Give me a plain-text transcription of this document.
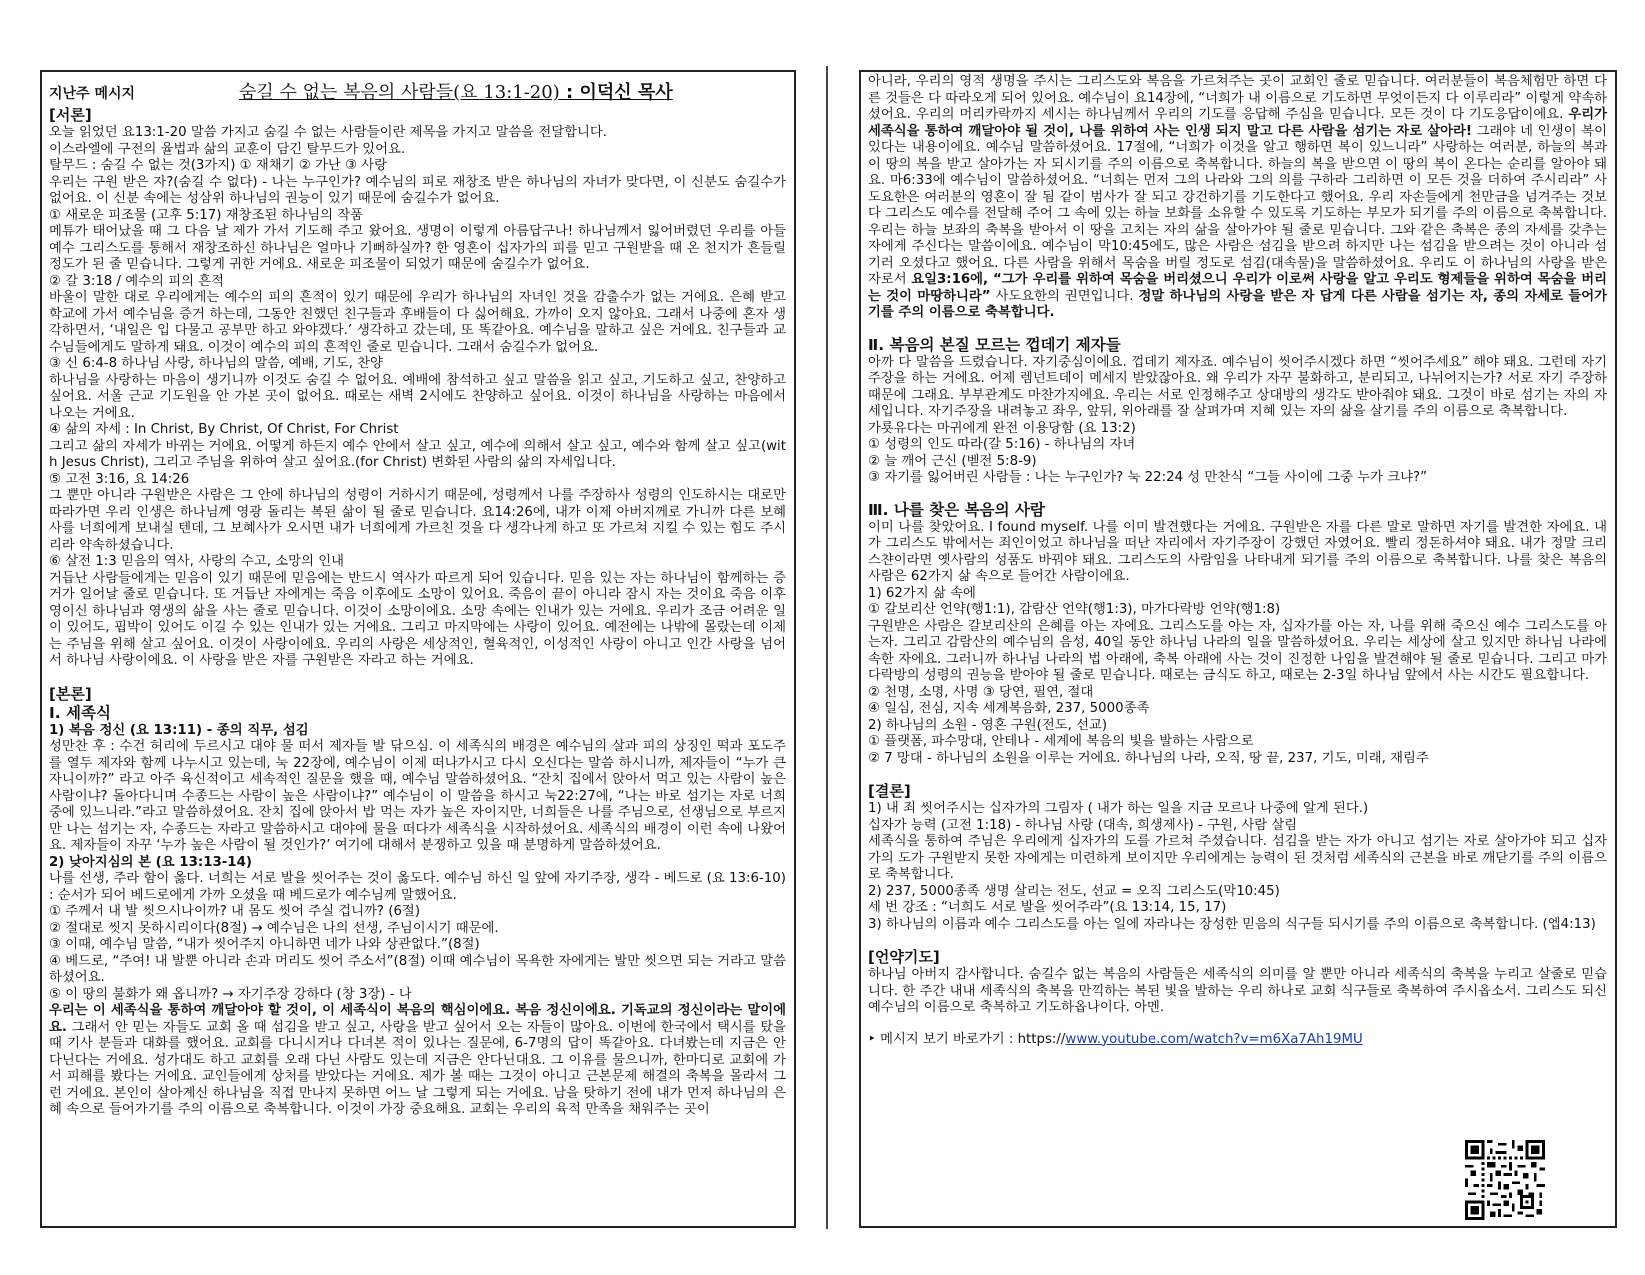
지난주 메시지	숨길 수 없는 복음의 사람들(요 13:1-20) : 이덕신 목사

[서론]

오늘 읽었던 요13:1-20 말씀 가지고 숨길 수 없는 사람들이란 제목을 가지고 말씀을 전달합니다.

이스라엘에 구전의 율법과 삶의 교훈이 담긴 탈무드가 있어요.

탈무드 : 숨길 수 없는 것(3가지) ① 재채기 ② 가난 ③ 사랑

우리는 구원 받은 자?(숨길 수 없다) - 나는 누구인가? 예수님의 피로 재창조 받은 하나님의 자녀가 맞다면, 이 신분도 숨길수가 없어요. 이 신분 속에는 성삼위 하나님의 권능이 있기 때문에 숨길수가 없어요.

① 새로운 피조물 (고후 5:17) 재창조된 하나님의 작품

메튜가 태어났을 때 그 다음 날 제가 가서 기도해 주고 왔어요. 생명이 이렇게 아름답구나! 하나님께서 잃어버렸던 우리를 아들 예수 그리스도를 통해서 재창조하신 하나님은 얼마나 기뻐하실까? 한 영혼이 십자가의 피를 믿고 구원받을 때 온 천지가 흔들릴 정도가 된 줄 믿습니다. 그렇게 귀한 거에요. 새로운 피조물이 되었기 때문에 숨길수가 없어요.

② 갈 3:18 / 예수의 피의 흔적

바울이 말한 대로 우리에게는 예수의 피의 흔적이 있기 때문에 우리가 하나님의 자녀인 것을 감출수가 없는 거에요. 은혜 받고 학교에 가서 예수님을 증거 하는데, 그동안 친했던 친구들과 후배들이 다 싫어해요. 가까이 오지 않아요. 그래서 나중에 혼자 생각하면서, ‘내일은 입 다물고 공부만 하고 와야겠다.’ 생각하고 갔는데, 또 똑같아요. 예수님을 말하고 싶은 거에요. 친구들과 교수님들에게도 말하게 돼요. 이것이 예수의 피의 흔적인 줄로 믿습니다. 그래서 숨길수가 없어요.

③ 신 6:4-8 하나님 사랑, 하나님의 말씀, 예배, 기도, 찬양

하나님을 사랑하는 마음이 생기니까 이것도 숨길 수 없어요. 예배에 참석하고 싶고 말씀을 읽고 싶고, 기도하고 싶고, 찬양하고 싶어요. 서울 근교 기도원을 안 가본 곳이 없어요. 때로는 새벽 2시에도 찬양하고 싶어요. 이것이 하나님을 사랑하는 마음에서 나오는 거에요.

④ 삶의 자세 : In Christ, By Christ, Of Christ, For Christ

그리고 삶의 자세가 바뀌는 거에요. 어떻게 하든지 예수 안에서 살고 싶고, 예수에 의해서 살고 싶고, 예수와 함께 살고 싶고(with Jesus Christ), 그리고 주님을 위하여 살고 싶어요.(for Christ) 변화된 사람의 삶의 자세입니다.

⑤ 고전 3:16, 요 14:26

그 뿐만 아니라 구원받은 사람은 그 안에 하나님의 성령이 거하시기 때문에, 성령께서 나를 주장하사 성령의 인도하시는 대로만 따라가면 우리 인생은 하나님께 영광 돌리는 복된 삶이 될 줄로 믿습니다. 요14:26에, 내가 이제 아버지께로 가니까 다른 보혜사를 너희에게 보내실 텐데, 그 보혜사가 오시면 내가 너희에게 가르친 것을 다 생각나게 하고 또 가르쳐 지킬 수 있는 힘도 주시리라 약속하셨습니다.

⑥ 살전 1:3 믿음의 역사, 사랑의 수고, 소망의 인내

거듭난 사람들에게는 믿음이 있기 때문에 믿음에는 반드시 역사가 따르게 되어 있습니다. 믿음 있는 자는 하나님이 함께하는 증거가 일어날 줄로 믿습니다. 또 거듭난 자에게는 죽음 이후에도 소망이 있어요. 죽음이 끝이 아니라 잠시 자는 것이요 죽음 이후 영이신 하나님과 영생의 삶을 사는 줄로 믿습니다. 이것이 소망이에요. 소망 속에는 인내가 있는 거에요. 우리가 조금 어려운 일이 있어도, 핍박이 있어도 이길 수 있는 인내가 있는 거에요. 그리고 마지막에는 사랑이 있어요. 예전에는 나밖에 몰랐는데 이제는 주님을 위해 살고 싶어요. 이것이 사랑이에요. 우리의 사랑은 세상적인, 혈육적인, 이성적인 사랑이 아니고 인간 사랑을 넘어서 하나님 사랑이에요. 이 사랑을 받은 자를 구원받은 자라고 하는 거에요.

[본론]

Ⅰ. 세족식

1) 복음 정신 (요 13:11) - 종의 직무, 섬김

성만찬 후 : 수건 허리에 두르시고 대야 물 떠서 제자들 발 닦으심. 이 세족식의 배경은 예수님의 살과 피의 상징인 떡과 포도주를 열두 제자와 함께 나누시고 있는데, 눅 22장에, 예수님이 이제 떠나가시고 다시 오신다는 말씀 하시니까, 제자들이 “누가 큰 자니이까?” 라고 아주 육신적이고 세속적인 질문을 했을 때, 예수님 말씀하셨어요. “잔치 집에서 앉아서 먹고 있는 사람이 높은 사람이냐? 돌아다니며 수종드는 사람이 높은 사람이냐?” 예수님이 이 말씀을 하시고 눅22:27에, “나는 바로 섬기는 자로 너희 중에 있느니라.”라고 말씀하셨어요. 잔치 집에 앉아서 밥 먹는 자가 높은 자이지만, 너희들은 나를 주님으로, 선생님으로 부르지만 나는 섬기는 자, 수종드는 자라고 말씀하시고 대야에 물을 떠다가 세족식을 시작하셨어요. 세족식의 배경이 이런 속에 나왔어요. 제자들이 자꾸 ‘누가 높은 사람이 될 것인가?’ 여기에 대해서 분쟁하고 있을 때 분명하게 말씀하셨어요.

2) 낮아지심의 본 (요 13:13-14)

나를 선생, 주라 함이 옳다. 너희는 서로 발을 씻어주는 것이 옳도다. 예수님 하신 일 앞에 자기주장, 생각 - 베드로 (요 13:6-10) : 순서가 되어 베드로에게 가까 오셨을 때 베드로가 예수님께 말했어요.

① 주께서 내 발 씻으시나이까? 내 몸도 씻어 주실 겁니까? (6절)

② 절대로 씻지 못하시리이다(8절) → 예수님은 나의 선생, 주님이시기 때문에.

③ 이때, 예수님 말씀, “내가 씻어주지 아니하면 네가 나와 상관없다.”(8절)

④ 베드로, “주여! 내 발뿐 아니라 손과 머리도 씻어 주소서”(8절) 이때 예수님이 목욕한 자에게는 발만 씻으면 되는 거라고 말씀하셨어요.

⑤ 이 땅의 불화가 왜 옵니까? → 자기주장 강하다 (창 3장) - 나

우리는 이 세족식을 통하여 깨달아야 할 것이, 이 세족식이 복음의 핵심이에요. 복음 정신이에요. 기독교의 정신이라는 말이에요. 그래서 안 믿는 자들도 교회 올 때 섬김을 받고 싶고, 사랑을 받고 싶어서 오는 자들이 많아요. 이번에 한국에서 택시를 탔을 때 기사 분들과 대화를 했어요. 교회를 다니시거나 다녀본 적이 있나는 질문에, 6-7명의 답이 똑같아요. 다녀봤는데 지금은 안 다닌다는 거에요. 성가대도 하고 교회를 오래 다닌 사람도 있는데 지금은 안다닌대요. 그 이유를 물으니까, 한마디로 교회에 가서 피해를 봤다는 거에요. 교인들에게 상처를 받았다는 거에요. 제가 볼 때는 그것이 아니고 근본문제 해결의 축복을 몰라서 그런 거에요. 본인이 살아계신 하나님을 직접 만나지 못하면 어느 날 그렇게 되는 거에요. 남을 탓하기 전에 내가 먼저 하나님의 은혜 속으로 들어가기를 주의 이름으로 축복합니다. 이것이 가장 중요해요. 교회는 우리의 육적 만족을 채워주는 곳이

아니라, 우리의 영적 생명을 주시는 그리스도와 복음을 가르쳐주는 곳이 교회인 줄로 믿습니다. 여러분들이 복음체험만 하면 다른 것들은 다 따라오게 되어 있어요. 예수님이 요14장에, “너희가 내 이름으로 기도하면 무엇이든지 다 이루리라” 이렇게 약속하셨어요. 우리의 머리카락까지 세시는 하나님께서 우리의 기도를 응답해 주심을 믿습니다. 모든 것이 다 기도응답이에요. 우리가 세족식을 통하여 깨달아야 될 것이, 나를 위하여 사는 인생 되지 말고 다른 사람을 섬기는 자로 살아라! 그래야 네 인생이 복이 있다는 내용이에요. 예수님 말씀하셨어요. 17절에, “너희가 이것을 알고 행하면 복이 있느니라” 사랑하는 여러분, 하늘의 복과 이 땅의 복을 받고 살아가는 자 되시기를 주의 이름으로 축복합니다. 하늘의 복을 받으면 이 땅의 복이 온다는 순리를 알아야 돼요. 마6:33에 예수님이 말씀하셨어요. “너희는 먼저 그의 나라와 그의 의를 구하라 그리하면 이 모든 것을 더하여 주시리라” 사도요한은 여러분의 영혼이 잘 됨 같이 범사가 잘 되고 강건하기를 기도한다고 했어요. 우리 자손들에게 천만금을 넘겨주는 것보다 그리스도 예수를 전달해 주어 그 속에 있는 하늘 보화를 소유할 수 있도록 기도하는 부모가 되기를 주의 이름으로 축복합니다. 우리는 하늘 보좌의 축복을 받아서 이 땅을 고치는 자의 삶을 살아가야 될 줄로 믿습니다. 그와 같은 축복은 종의 자세를 갖추는 자에게 주신다는 말씀이에요. 예수님이 막10:45에도, 많은 사람은 섬김을 받으려 하지만 나는 섬김을 받으려는 것이 아니라 섬기러 오셨다고 했어요. 다른 사람을 위해서 목숨을 버릴 정도로 섬김(대속물)을 말씀하셨어요. 우리도 이 하나님의 사랑을 받은 자로서 요일3:16에, “그가 우리를 위하여 목숨을 버리셨으니 우리가 이로써 사랑을 알고 우리도 형제들을 위하여 목숨을 버리는 것이 마땅하니라” 사도요한의 권면입니다. 정말 하나님의 사랑을 받은 자 답게 다른 사람을 섬기는 자, 종의 자세로 들어가기를 주의 이름으로 축복합니다.

Ⅱ. 복음의 본질 모르는 껍데기 제자들

아까 다 말씀을 드렸습니다. 자기중심이에요. 껍데기 제자죠. 예수님이 씻어주시겠다 하면 “씻어주세요” 해야 돼요. 그런데 자기주장을 하는 거에요. 어제 렘넌트데이 메세지 받았잖아요. 왜 우리가 자꾸 불화하고, 분리되고, 나뉘어지는가? 서로 자기 주장하 때문에 그래요. 부부관계도 마찬가지에요. 우리는 서로 인정해주고 상대방의 생각도 받아줘야 돼요. 그것이 바로 섬기는 자의 자세입니다. 자기주장을 내려놓고 좌우, 앞뒤, 위아래를 잘 살펴가며 지혜 있는 자의 삶을 살기를 주의 이름으로 축복합니다.

가룟유다는 마귀에게 완전 이용당함 (요 13:2)

① 성령의 인도 따라(갈 5:16) - 하나님의 자녀

② 늘 깨어 근신 (벧전 5:8-9)

③ 자기를 잃어버린 사람들 : 나는 누구인가? 눅 22:24 성 만찬식 “그들 사이에 그중 누가 크냐?”

Ⅲ. 나를 찾은 복음의 사람

이미 나를 찾았어요. I found myself. 나를 이미 발견했다는 거에요. 구원받은 자를 다른 말로 말하면 자기를 발견한 자에요. 내가 그리스도 밖에서는 죄인이었고 하나님을 떠난 자리에서 자기주장이 강했던 자였어요. 빨리 정돈하셔야 돼요. 내가 정말 크리스챤이라면 옛사람의 성품도 바꿔야 돼요. 그리스도의 사람임을 나타내게 되기를 주의 이름으로 축복합니다. 나를 찾은 복음의 사람은 62가지 삶 속으로 들어간 사람이에요.

1) 62가지 삶 속에

① 갈보리산 언약(행1:1), 감람산 언약(행1:3), 마가다락방 언약(행1:8)

구원받은 사람은 갈보리산의 은혜를 아는 자에요. 그리스도를 아는 자, 십자가를 아는 자, 나를 위해 죽으신 예수 그리스도를 아는자. 그리고 감람산의 예수님의 음성, 40일 동안 하나님 나라의 일을 말씀하셨어요. 우리는 세상에 살고 있지만 하나님 나라에 속한 자에요. 그러니까 하나님 나라의 법 아래에, 축복 아래에 사는 것이 진정한 나임을 발견해야 될 줄로 믿습니다. 그리고 마가다락방의 성령의 권능을 받아야 될 줄로 믿습니다. 때로는 금식도 하고, 때로는 2-3일 하나님 앞에서 사는 시간도 필요합니다.

② 천명, 소명, 사명 ③ 당연, 필연, 절대

④ 일심, 전심, 지속 세계복음화, 237, 5000종족

2) 하나님의 소원 - 영혼 구원(전도, 선교)

① 플랫폼, 파수망대, 안테나 - 세계에 복음의 빛을 발하는 사람으로

② 7 망대 - 하나님의 소원을 이루는 거에요. 하나님의 나라, 오직, 땅 끝, 237, 기도, 미래, 재림주

[결론]

1) 내 죄 씻어주시는 십자가의 그림자 ( 내가 하는 일을 지금 모르나 나중에 알게 된다.)

십자가 능력 (고전 1:18) - 하나님 사랑 (대속, 희생제사) - 구원, 사람 살림

세족식을 통하여 주님은 우리에게 십자가의 도를 가르쳐 주셨습니다. 섬김을 받는 자가 아니고 섬기는 자로 살아가야 되고 십자가의 도가 구원받지 못한 자에게는 미련하게 보이지만 우리에게는 능력이 된 것처럼 세족식의 근본을 바로 깨닫기를 주의 이름으로 축복합니다.

2) 237, 5000종족 생명 살리는 전도, 선교 = 오직 그리스도(막10:45)

세 번 강조 : “너희도 서로 발을 씻어주라”(요 13:14, 15, 17)

3) 하나님의 이름과 예수 그리스도를 아는 일에 자라나는 장성한 믿음의 식구들 되시기를 주의 이름으로 축복합니다. (엡4:13)

[언약기도]

하나님 아버지 감사합니다. 숨길수 없는 복음의 사람들은 세족식의 의미를 알 뿐만 아니라 세족식의 축복을 누리고 살줄로 믿습니다. 한 주간 내내 세족식의 축복을 만끽하는 복된 빛을 발하는 우리 하나로 교회 식구들로 축복하여 주시옵소서. 그리스도 되신 예수님의 이름으로 축복하고 기도하옵나이다. 아멘.

‣ 메시지 보기 바로가기 : https://www.youtube.com/watch?v=m6Xa7Ah19MU
